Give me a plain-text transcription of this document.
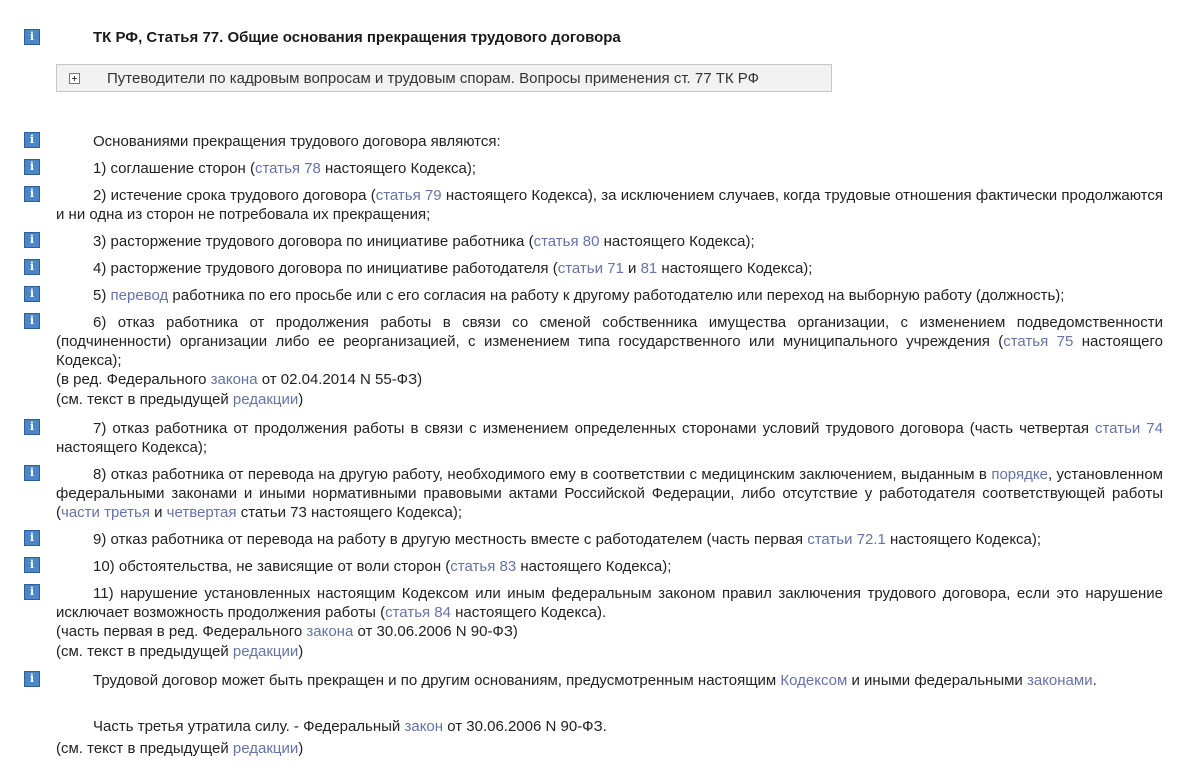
i	ТК РФ, Статья 77. Общие основания прекращения трудового договора
Путеводители по кадровым вопросам и трудовым спорам. Вопросы применения ст. 77 ТК РФ
i
i
i
i
i
i
i
i
i
i
i
i
i
Основаниями прекращения трудового договора являются:
1) соглашение сторон (статья 78 настоящего Кодекса);
2) истечение срока трудового договора (статья 79 настоящего Кодекса), за исключением случаев, когда трудовые отношения фактически продолжаются и ни одна из сторон не потребовала их прекращения;
3) расторжение трудового договора по инициативе работника (статья 80 настоящего Кодекса);
4) расторжение трудового договора по инициативе работодателя (статьи 71 и 81 настоящего Кодекса);
5) перевод работника по его просьбе или с его согласия на работу к другому работодателю или переход на выборную работу (должность);
6) отказ работника от продолжения работы в связи со сменой собственника имущества организации, с изменением подведомственности (подчиненности) организации либо ее реорганизацией, с изменением типа государственного или муниципального учреждения (статья 75 настоящего Кодекса);
(в ред. Федерального закона от 02.04.2014 N 55-ФЗ)
(см. текст в предыдущей редакции)
7) отказ работника от продолжения работы в связи с изменением определенных сторонами условий трудового договора (часть четвертая статьи 74 настоящего Кодекса);
8) отказ работника от перевода на другую работу, необходимого ему в соответствии с медицинским заключением, выданным в порядке, установленном федеральными законами и иными нормативными правовыми актами Российской Федерации, либо отсутствие у работодателя соответствующей работы (части третья и четвертая статьи 73 настоящего Кодекса);
9) отказ работника от перевода на работу в другую местность вместе с работодателем (часть первая статьи 72.1 настоящего Кодекса);
10) обстоятельства, не зависящие от воли сторон (статья 83 настоящего Кодекса);
11) нарушение установленных настоящим Кодексом или иным федеральным законом правил заключения трудового договора, если это нарушение исключает возможность продолжения работы (статья 84 настоящего Кодекса).
(часть первая в ред. Федерального закона от 30.06.2006 N 90-ФЗ)
(см. текст в предыдущей редакции)
Трудовой договор может быть прекращен и по другим основаниям, предусмотренным настоящим Кодексом и иными федеральными законами.
Часть третья утратила силу. - Федеральный закон от 30.06.2006 N 90-ФЗ.
(см. текст в предыдущей редакции)
